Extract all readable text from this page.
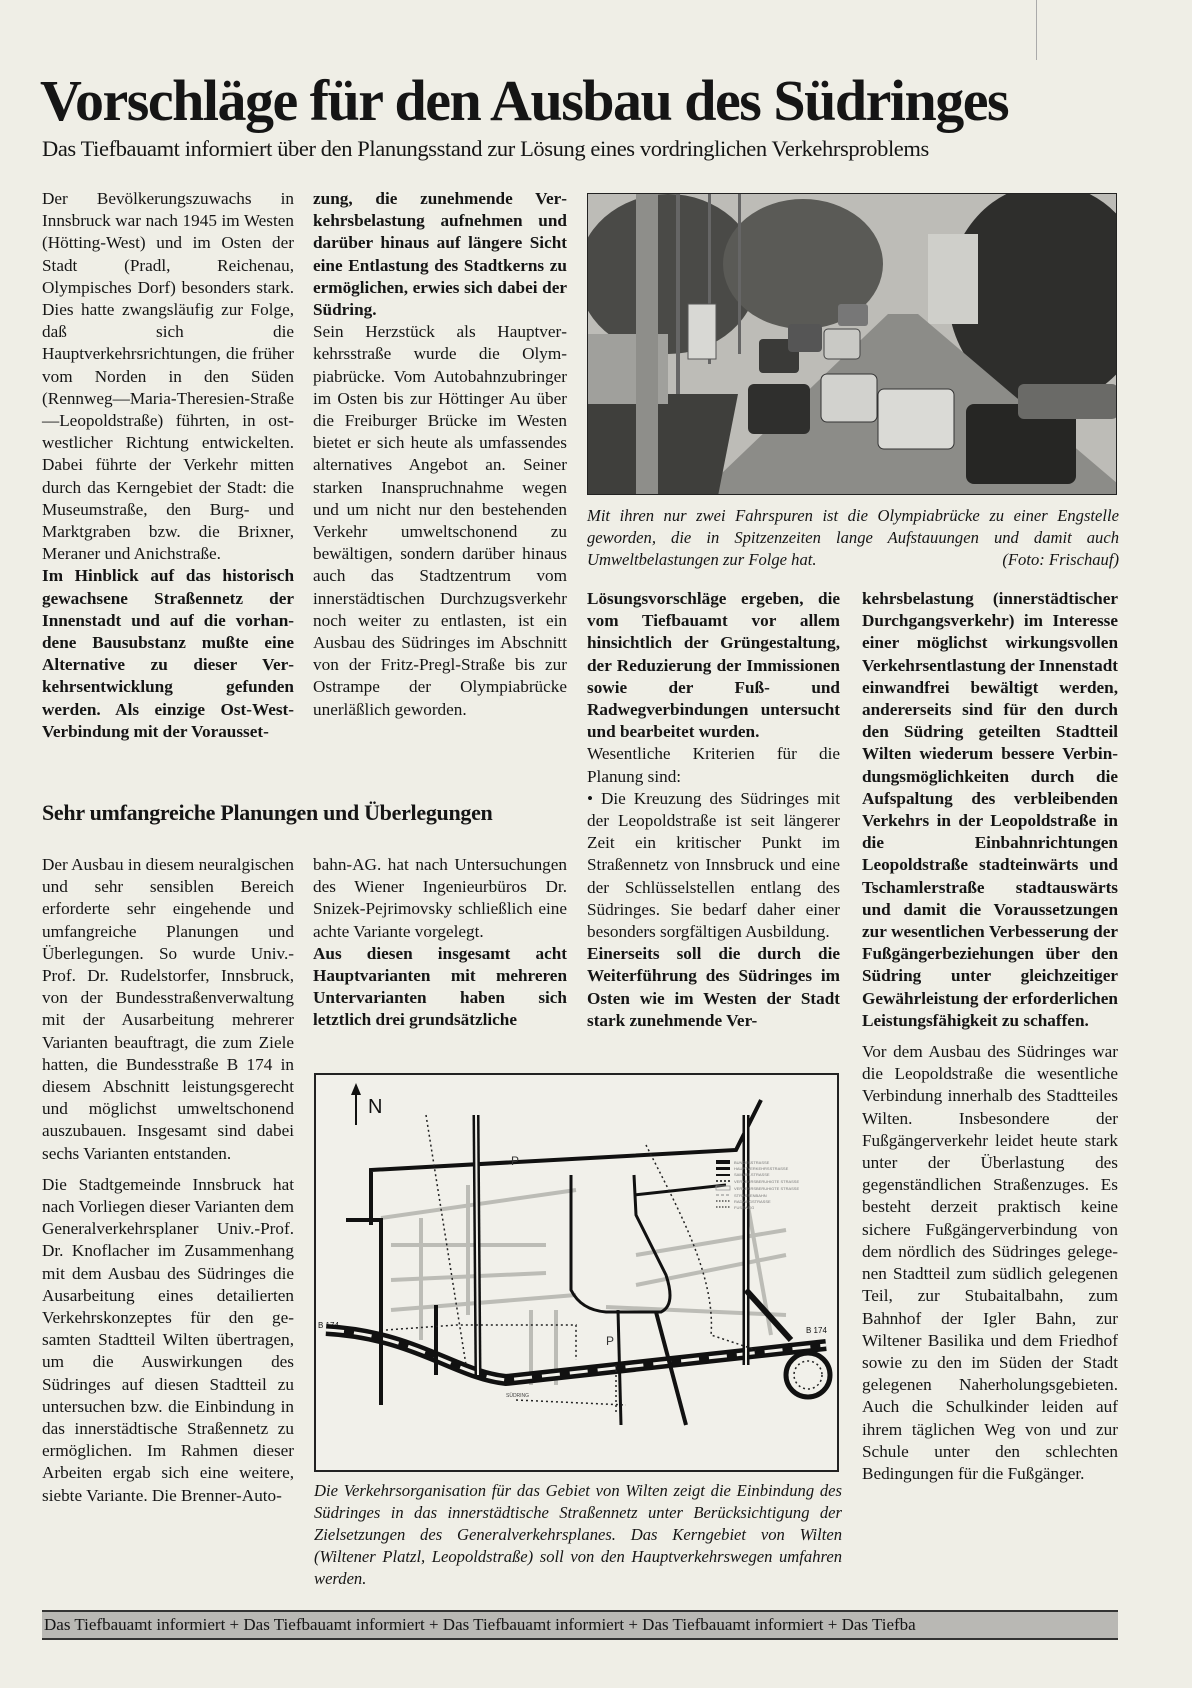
Vorschläge für den Ausbau des Südringes
Das Tiefbauamt informiert über den Planungsstand zur Lösung eines vordringlichen Verkehrsproblems

Der Bevölkerungszuwachs in Innsbruck war nach 1945 im Westen (Hötting-West) und im Osten der Stadt (Pradl, Reichenau, Olympisches Dorf) besonders stark. Dies hatte zwangsläufig zur Folge, daß sich die Hauptverkehrsrichtungen, die früher vom Norden in den Süden (Rennweg—Maria-Theresien-Straße—Leopoldstraße) führten, in ost-westlicher Richtung entwickelten. Dabei führte der Verkehr mitten durch das Kerngebiet der Stadt: die Museumstraße, den Burg- und Marktgraben bzw. die Brixner, Meraner und Anichstraße.

Im Hinblick auf das historisch gewachsene Straßennetz der Innenstadt und auf die vorhandene Bausubstanz mußte eine Alternative zu dieser Verkehrsentwicklung gefunden werden. Als einzige Ost-West-Verbindung mit der Vorausset-

zung, die zunehmende Verkehrsbelastung aufnehmen und darüber hinaus auf längere Sicht eine Entlastung des Stadtkerns zu ermöglichen, erwies sich dabei der Südring.

Sein Herzstück als Hauptverkehrsstraße wurde die Olympiabrücke. Vom Autobahnzubringer im Osten bis zur Höttinger Au über die Freiburger Brücke im Westen bietet er sich heute als umfassendes alternatives Angebot an. Seiner starken Inanspruchnahme wegen und um nicht nur den bestehenden Verkehr umweltschonend zu bewältigen, sondern darüber hinaus auch das Stadtzentrum vom innerstädtischen Durchzugsverkehr noch weiter zu entlasten, ist ein Ausbau des Südringes im Abschnitt von der Fritz-Pregl-Straße bis zur Ostrampe der Olympiabrücke unerläßlich geworden.

Mit ihren nur zwei Fahrspuren ist die Olympiabrücke zu einer Engstelle geworden, die in Spitzenzeiten lange Aufstauungen und damit auch Umweltbelastungen zur Folge hat.	(Foto: Frischauf)
Sehr umfangreiche Planungen und Überlegungen

Der Ausbau in diesem neuralgischen und sehr sensiblen Bereich erforderte sehr eingehende und umfangreiche Planungen und Überlegungen. So wurde Univ.-Prof. Dr. Rudelstorfer, Innsbruck, von der Bundesstraßenverwaltung mit der Ausarbeitung mehrerer Varianten beauftragt, die zum Ziele hatten, die Bundesstraße B 174 in diesem Abschnitt leistungsgerecht und möglichst umweltschonend auszubauen. Insgesamt sind dabei sechs Varianten entstanden.

Die Stadtgemeinde Innsbruck hat nach Vorliegen dieser Varianten dem Generalverkehrsplaner Univ.-Prof. Dr. Knoflacher im Zusammenhang mit dem Ausbau des Südringes die Ausarbeitung eines detailierten Verkehrskonzeptes für den gesamten Stadtteil Wilten übertragen, um die Auswirkungen des Südringes auf diesen Stadtteil zu untersuchen bzw. die Einbindung in das innerstädtische Straßennetz zu ermöglichen. Im Rahmen dieser Arbeiten ergab sich eine weitere, siebte Variante. Die Brenner-Auto-

bahn-AG. hat nach Untersuchungen des Wiener Ingenieurbüros Dr. Snizek-Pejrimovsky schließlich eine achte Variante vorgelegt.

Aus diesen insgesamt acht Hauptvarianten mit mehreren Untervarianten haben sich letztlich drei grundsätzliche

Lösungsvorschläge ergeben, die vom Tiefbauamt vor allem hinsichtlich der Grüngestaltung, der Reduzierung der Immissionen sowie der Fuß- und Radwegverbindungen untersucht und bearbeitet wurden.

Wesentliche Kriterien für die Planung sind:

• Die Kreuzung des Südringes mit der Leopoldstraße ist seit längerer Zeit ein kritischer Punkt im Straßennetz von Innsbruck und eine der Schlüsselstellen entlang des Südringes. Sie bedarf daher einer besonders sorgfältigen Ausbildung.

Einerseits soll die durch die Weiterführung des Südringes im Osten wie im Westen der Stadt stark zunehmende Ver-

kehrsbelastung (innerstädtischer Durchgangsverkehr) im Interesse einer möglichst wirkungsvollen Verkehrsentlastung der Innenstadt einwandfrei bewältigt werden, andererseits sind für den durch den Südring geteilten Stadtteil Wilten wiederum bessere Verbindungsmöglichkeiten durch die Aufspaltung des verbleibenden Verkehrs in der Leopoldstraße in die Einbahnrichtungen Leopoldstraße stadteinwärts und Tschamlerstraße stadtauswärts und damit die Voraussetzungen zur wesentlichen Verbesserung der Fußgängerbeziehungen über den Südring unter gleichzeitiger Gewährleistung der erforderlichen Leistungsfähigkeit zu schaffen.

Vor dem Ausbau des Südringes war die Leopoldstraße die wesentliche Verbindung innerhalb des Stadtteiles Wilten. Insbesondere der Fußgängerverkehr leidet heute stark unter der Überlastung des gegenständlichen Straßenzuges. Es besteht derzeit praktisch keine sichere Fußgängerverbindung von dem nördlich des Südringes gelegenen Stadtteil zum südlich gelegenen Teil, zur Stubaitalbahn, zum Bahnhof der Igler Bahn, zur Wiltener Basilika und dem Friedhof sowie zu den im Süden der Stadt gelegenen Naherholungsgebieten. Auch die Schulkinder leiden auf ihrem täglichen Weg von und zur Schule unter den schlechten Bedingungen für die Fußgänger.

N
B 174
B 174
SÜDRING
P
P
BUNDESSTRASSE
HAUPTVERKEHRSSTRASSE
SAMMELSTRASSE
VERKEHRSBERUHIGTE STRASSE
VERKEHRSBERUHIGTE STRASSE
STRASSENBAHN
RADWEGSTRASSE
FUSSWEG
Die Verkehrsorganisation für das Gebiet von Wilten zeigt die Einbindung des Südringes in das innerstädtische Straßennetz unter Berücksichtigung der Zielsetzungen des Generalverkehrsplanes. Das Kerngebiet von Wilten (Wiltener Platzl, Leopoldstraße) soll von den Hauptverkehrswegen umfahren werden.
Das Tiefbauamt informiert + Das Tiefbauamt informiert + Das Tiefbauamt informiert + Das Tiefbauamt informiert + Das Tiefba
